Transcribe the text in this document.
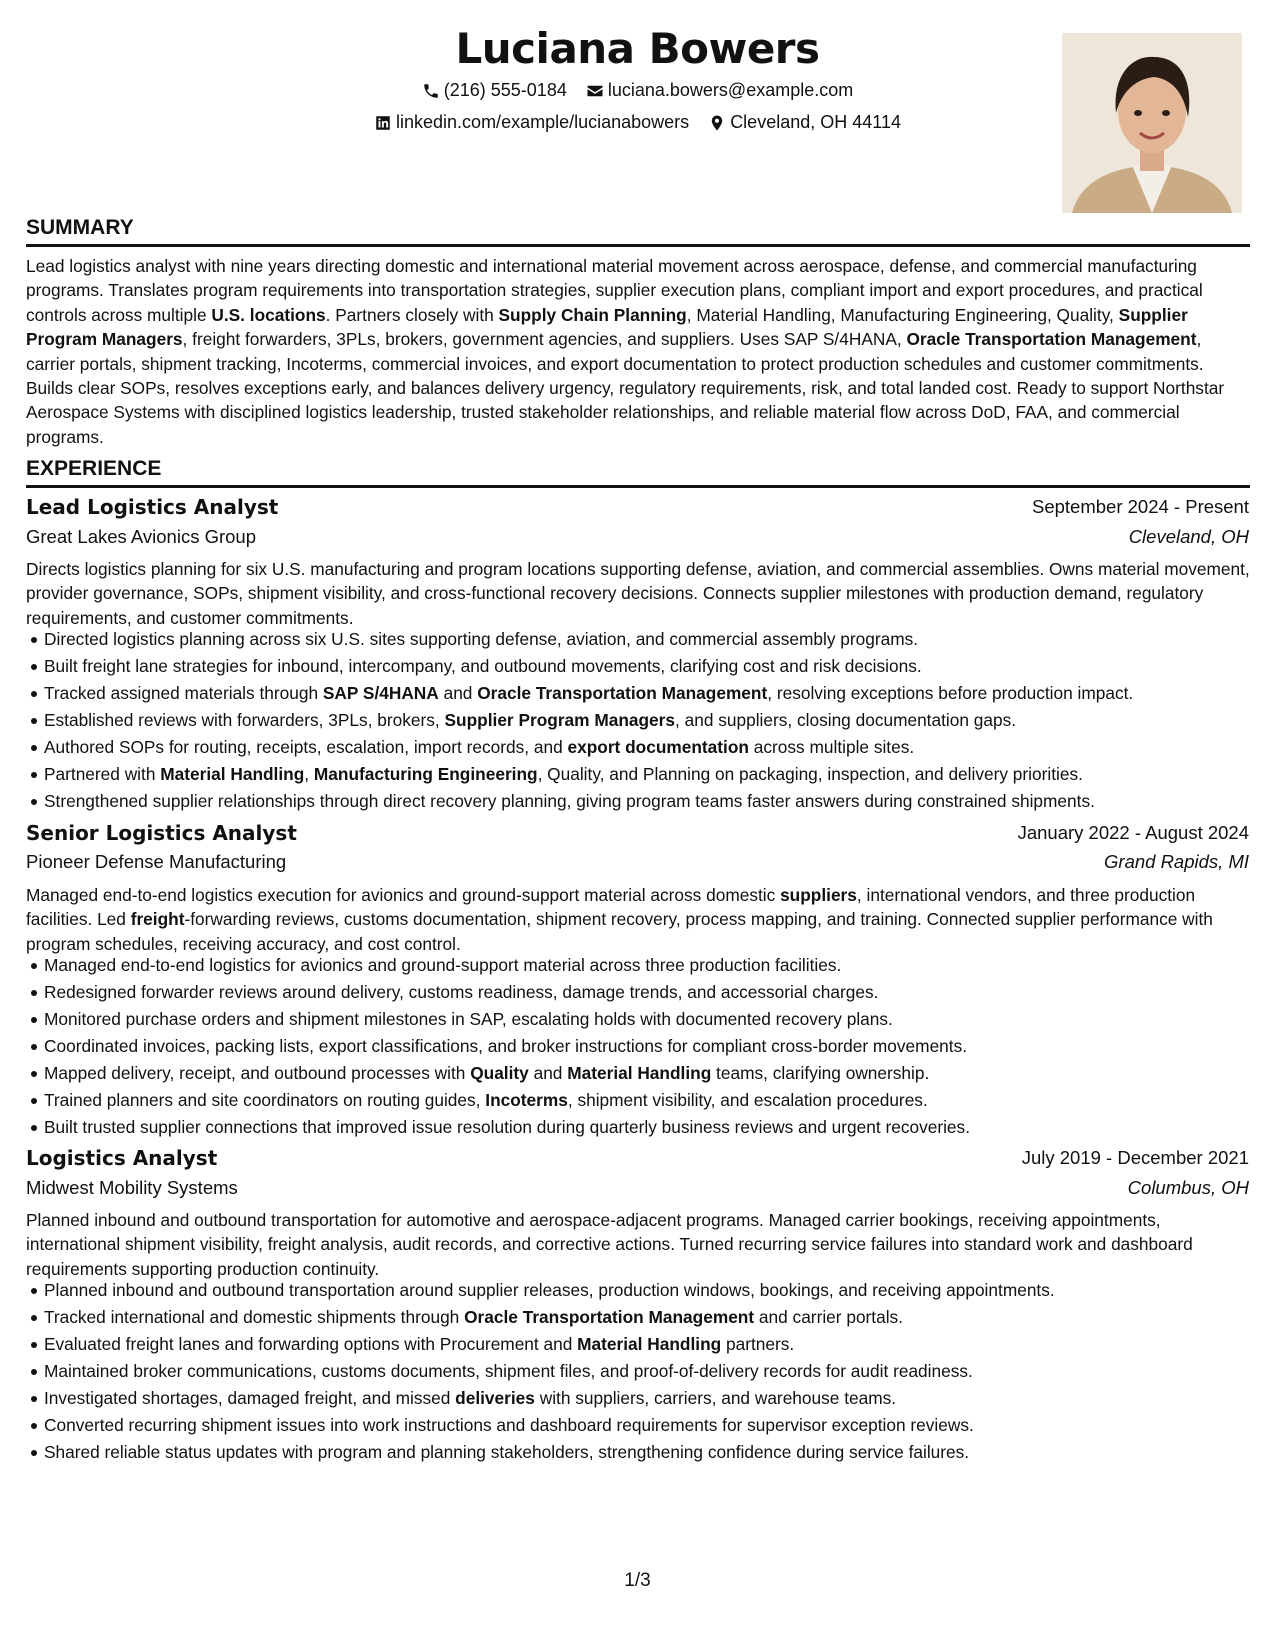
Luciana Bowers
(216) 555-0184
luciana.bowers@example.com
linkedin.com/example/lucianabowers
Cleveland, OH 44114
SUMMARY
Lead logistics analyst with nine years directing domestic and international material movement across aerospace, defense, and commercial manufacturing programs. Translates program requirements into transportation strategies, supplier execution plans, compliant import and export procedures, and practical controls across multiple U.S. locations. Partners closely with Supply Chain Planning, Material Handling, Manufacturing Engineering, Quality, Supplier Program Managers, freight forwarders, 3PLs, brokers, government agencies, and suppliers. Uses SAP S/4HANA, Oracle Transportation Management, carrier portals, shipment tracking, Incoterms, commercial invoices, and export documentation to protect production schedules and customer commitments. Builds clear SOPs, resolves exceptions early, and balances delivery urgency, regulatory requirements, risk, and total landed cost. Ready to support Northstar Aerospace Systems with disciplined logistics leadership, trusted stakeholder relationships, and reliable material flow across DoD, FAA, and commercial programs.
EXPERIENCE
Lead Logistics Analyst	September 2024 - Present
Great Lakes Avionics Group	Cleveland, OH
Directs logistics planning for six U.S. manufacturing and program locations supporting defense, aviation, and commercial assemblies. Owns material movement, provider governance, SOPs, shipment visibility, and cross-functional recovery decisions. Connects supplier milestones with production demand, regulatory requirements, and customer commitments.
Directed logistics planning across six U.S. sites supporting defense, aviation, and commercial assembly programs.
Built freight lane strategies for inbound, intercompany, and outbound movements, clarifying cost and risk decisions.
Tracked assigned materials through SAP S/4HANA and Oracle Transportation Management, resolving exceptions before production impact.
Established reviews with forwarders, 3PLs, brokers, Supplier Program Managers, and suppliers, closing documentation gaps.
Authored SOPs for routing, receipts, escalation, import records, and export documentation across multiple sites.
Partnered with Material Handling, Manufacturing Engineering, Quality, and Planning on packaging, inspection, and delivery priorities.
Strengthened supplier relationships through direct recovery planning, giving program teams faster answers during constrained shipments.
Senior Logistics Analyst	January 2022 - August 2024
Pioneer Defense Manufacturing	Grand Rapids, MI
Managed end-to-end logistics execution for avionics and ground-support material across domestic suppliers, international vendors, and three production facilities. Led freight-forwarding reviews, customs documentation, shipment recovery, process mapping, and training. Connected supplier performance with program schedules, receiving accuracy, and cost control.
Managed end-to-end logistics for avionics and ground-support material across three production facilities.
Redesigned forwarder reviews around delivery, customs readiness, damage trends, and accessorial charges.
Monitored purchase orders and shipment milestones in SAP, escalating holds with documented recovery plans.
Coordinated invoices, packing lists, export classifications, and broker instructions for compliant cross-border movements.
Mapped delivery, receipt, and outbound processes with Quality and Material Handling teams, clarifying ownership.
Trained planners and site coordinators on routing guides, Incoterms, shipment visibility, and escalation procedures.
Built trusted supplier connections that improved issue resolution during quarterly business reviews and urgent recoveries.
Logistics Analyst	July 2019 - December 2021
Midwest Mobility Systems	Columbus, OH
Planned inbound and outbound transportation for automotive and aerospace-adjacent programs. Managed carrier bookings, receiving appointments, international shipment visibility, freight analysis, audit records, and corrective actions. Turned recurring service failures into standard work and dashboard requirements supporting production continuity.
Planned inbound and outbound transportation around supplier releases, production windows, bookings, and receiving appointments.
Tracked international and domestic shipments through Oracle Transportation Management and carrier portals.
Evaluated freight lanes and forwarding options with Procurement and Material Handling partners.
Maintained broker communications, customs documents, shipment files, and proof-of-delivery records for audit readiness.
Investigated shortages, damaged freight, and missed deliveries with suppliers, carriers, and warehouse teams.
Converted recurring shipment issues into work instructions and dashboard requirements for supervisor exception reviews.
Shared reliable status updates with program and planning stakeholders, strengthening confidence during service failures.
1/3
